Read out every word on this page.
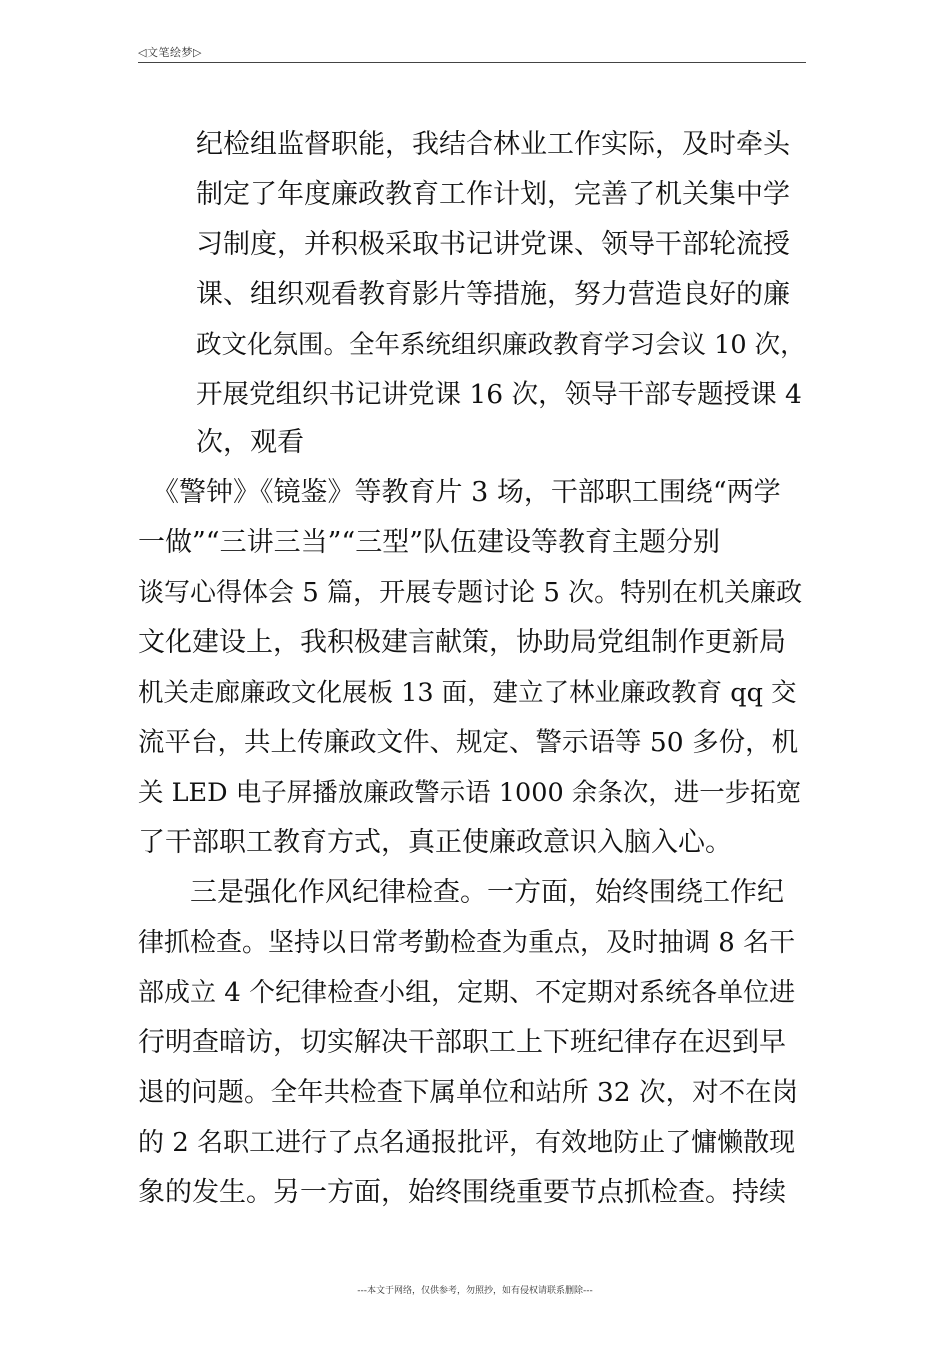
◁文笔绘梦▷
纪检组监督职能，我结合林业工作实际，及时牵头
制定了年度廉政教育工作计划，完善了机关集中学
习制度，并积极采取书记讲党课、领导干部轮流授
课、组织观看教育影片等措施，努力营造良好的廉
政文化氛围。全年系统组织廉政教育学习会议 10 次，
开展党组织书记讲党课 16 次，领导干部专题授课 4
次，观看
《警钟》《镜鉴》等教育片 3 场，干部职工围绕“两学
一做”“三讲三当”“三型”队伍建设等教育主题分别
谈写心得体会 5 篇，开展专题讨论 5 次。特别在机关廉政
文化建设上，我积极建言献策，协助局党组制作更新局
机关走廊廉政文化展板 13 面，建立了林业廉政教育 qq 交
流平台，共上传廉政文件、规定、警示语等 50 多份，机
关 LED 电子屏播放廉政警示语 1000 余条次，进一步拓宽
了干部职工教育方式，真正使廉政意识入脑入心。
三是强化作风纪律检查。一方面，始终围绕工作纪
律抓检查。坚持以日常考勤检查为重点，及时抽调 8 名干
部成立 4 个纪律检查小组，定期、不定期对系统各单位进
行明查暗访，切实解决干部职工上下班纪律存在迟到早
退的问题。全年共检查下属单位和站所 32 次，对不在岗
的 2 名职工进行了点名通报批评，有效地防止了慵懒散现
象的发生。另一方面，始终围绕重要节点抓检查。持续
---本文于网络，仅供参考，勿照抄，如有侵权请联系删除---
